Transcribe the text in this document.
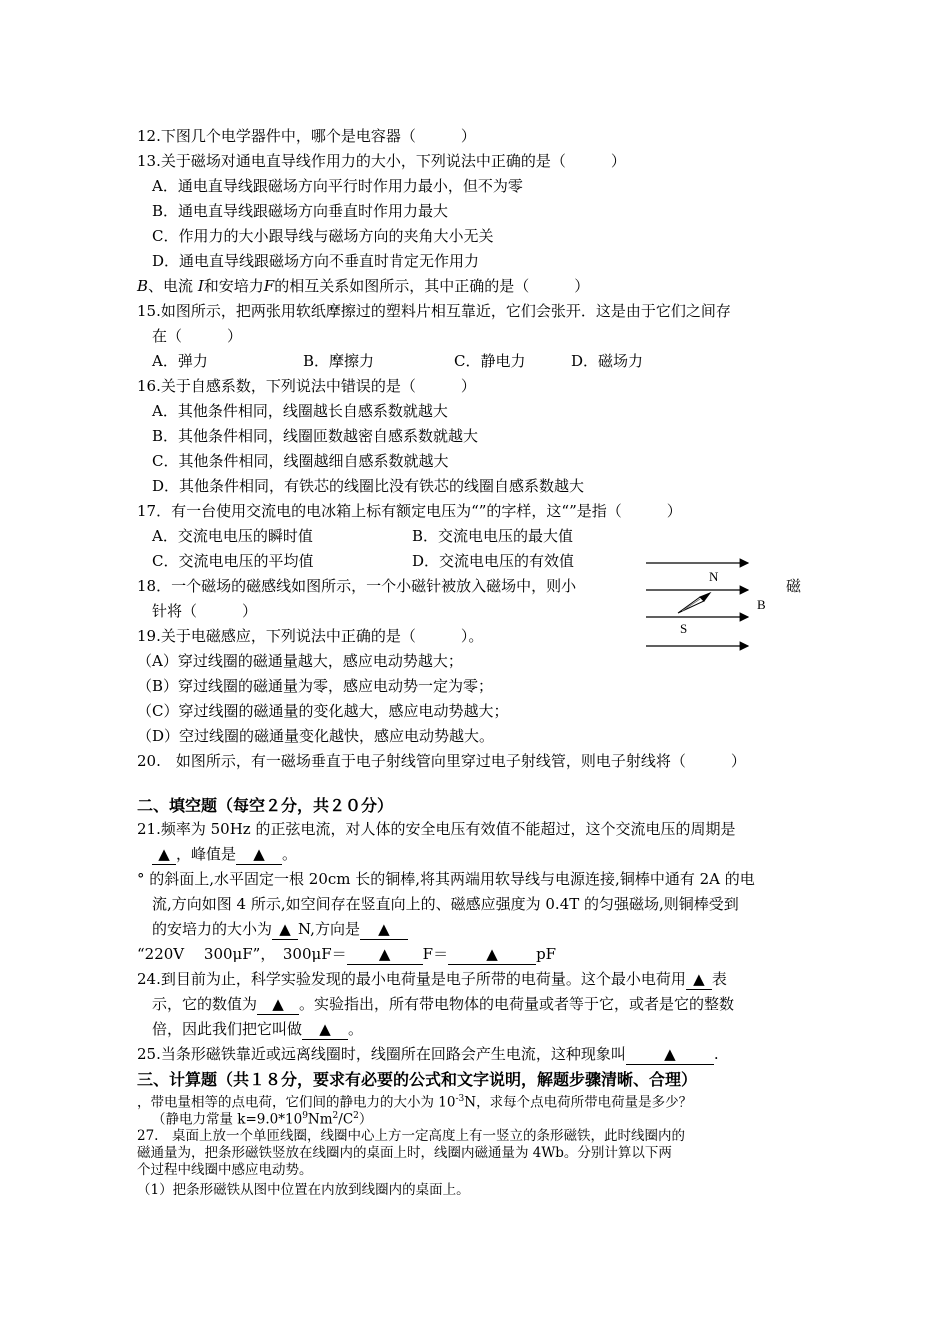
12.下图几个电学器件中，哪个是电容器（　　　）
13.关于磁场对通电直导线作用力的大小，下列说法中正确的是（　　　）
A．通电直导线跟磁场方向平行时作用力最小，但不为零
B．通电直导线跟磁场方向垂直时作用力最大
C．作用力的大小跟导线与磁场方向的夹角大小无关
D．通电直导线跟磁场方向不垂直时肯定无作用力
B、电流 I和安培力F的相互关系如图所示，其中正确的是（　　　）
15.如图所示，把两张用软纸摩擦过的塑料片相互靠近，它们会张开．这是由于它们之间存
在（　　　）
A．弹力	B．摩擦力	C．静电力	D．磁场力
16.关于自感系数，下列说法中错误的是（　　　）
A．其他条件相同，线圈越长自感系数就越大
B．其他条件相同，线圈匝数越密自感系数就越大
C．其他条件相同，线圈越细自感系数就越大
D．其他条件相同，有铁芯的线圈比没有铁芯的线圈自感系数越大
17．有一台使用交流电的电冰箱上标有额定电压为“”的字样，这“”是指（　　　）
A．交流电电压的瞬时值	B．交流电电压的最大值
C．交流电电压的平均值	D．交流电电压的有效值
18．一个磁场的磁感线如图所示，一个小磁针被放入磁场中，则小	磁
针将（　　　）
N
S
B
19.关于电磁感应，下列说法中正确的是（　　　）。
（A）穿过线圈的磁通量越大，感应电动势越大；
（B）穿过线圈的磁通量为零，感应电动势一定为零；
（C）穿过线圈的磁通量的变化越大，感应电动势越大；
（D）空过线圈的磁通量变化越快，感应电动势越大。
20.　如图所示，有一磁场垂直于电子射线管向里穿过电子射线管，则电子射线将（　　　）
二、填空题（每空２分，共２０分）
21.频率为 50Hz 的正弦电流，对人体的安全电压有效值不能超过，这个交流电压的周期是
▲ ，峰值是 ▲ 。
° 的斜面上,水平固定一根 20cm 长的铜棒,将其两端用软导线与电源连接,铜棒中通有 2A 的电
流,方向如图 4 所示,如空间存在竖直向上的、磁感应强度为 0.4T 的匀强磁场,则铜棒受到
的安培力的大小为 ▲ N,方向是 ▲
“220V　 300μF”，　300μF＝ ▲ F＝	▲	pF
24.到目前为止，科学实验发现的最小电荷量是电子所带的电荷量。这个最小电荷用 ▲ 表
示，它的数值为 ▲ 。实验指出，所有带电物体的电荷量或者等于它，或者是它的整数
倍，因此我们把它叫做 ▲ 。
25.当条形磁铁靠近或远离线圈时，线圈所在回路会产生电流，这种现象叫	▲	.
三、计算题（共１８分，要求有必要的公式和文字说明，解题步骤清晰、合理）
，带电量相等的点电荷，它们间的静电力的大小为 $10^{-3}N$，求每个点电荷所带电荷量是多少？
（静电力常量 $k=9.0*10^9Nm^2/C^2$）
27.　桌面上放一个单匝线圈，线圈中心上方一定高度上有一竖立的条形磁铁，此时线圈内的
磁通量为，把条形磁铁竖放在线圈内的桌面上时，线圈内磁通量为 4Wb。分别计算以下两
个过程中线圈中感应电动势。
（1）把条形磁铁从图中位置在内放到线圈内的桌面上。
